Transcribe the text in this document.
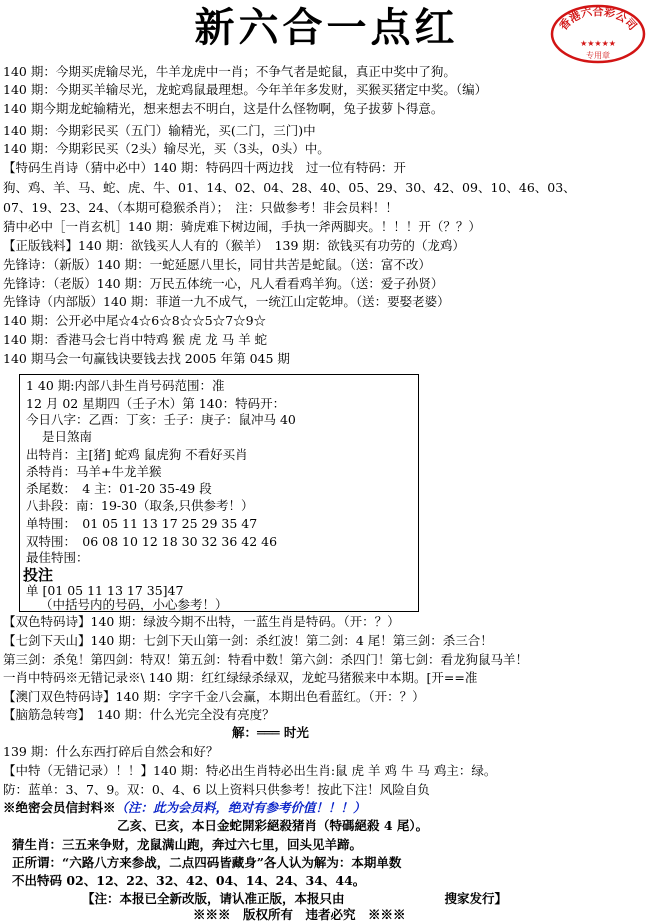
新六合一点红	香港六合彩公司
★★★★★
专用章
140 期：今期买虎输尽光，牛羊龙虎中一肖；不争气者是蛇鼠，真正中奖中了狗。
140 期：今期买羊输尽光，龙蛇鸡鼠最理想。今年羊年多发财，买猴买猪定中奖。（编）
140 期今期龙蛇输精光，想来想去不明白，这是什么怪物啊，兔子拔萝卜得意。
140 期：今期彩民买（五门）输精光，买(二门，三门)中
140 期：今期彩民买（2头）输尽光，买（3头，0头）中。
【特码生肖诗（猜中必中）140 期：特码四十两边找　过一位有特码：开
狗、鸡、羊、马、蛇、虎、牛、01、14、02、04、28、40、05、29、30、42、09、10、46、03、
07、19、23、24、（本期可稳猴杀肖）；　注：只做参考！非会员料！！
猜中必中［一肖玄机］140 期：骑虎难下树边闹，手执一斧两脚夹。！！！开（？？）
【正版钱料】140 期：欲钱买人人有的（猴羊）　139 期：欲钱买有功劳的（龙鸡）
先锋诗：（新版）140 期：一蛇延愿八里长，同甘共苦是蛇鼠。（送：富不改）
先锋诗：（老版）140 期：万民五体统一心，凡人看看鸡羊狗。（送：爱子孙贤）
先锋诗（内部版）140 期：菲道一九不成气，一统江山定乾坤。（送：要娶老婆）
140 期：公开必中尾☆4☆6☆8☆☆5☆7☆9☆
140 期：香港马会七肖中特鸡 猴 虎 龙 马 羊 蛇
140 期马会一句赢钱诀要钱去找 2005 年第 045 期
1 40 期:内部八卦生肖号码范围：准
12 月 02 星期四（壬子木）第 140：特码开：
今日八字：乙酉：丁亥：壬子：庚子：鼠冲马 40
是日煞南
出特肖：主[猪] 蛇鸡 鼠虎狗 不看好买肖
杀特肖：马羊+牛龙羊猴
杀尾数：　4 主：01-20 35-49 段
八卦段：南：19-30（取条,只供参考！）
单特围：　01 05 11 13 17 25 29 35 47
双特围：　06 08 10 12 18 30 32 36 42 46
最佳特围：
投注
单 [01 05 11 13 17 35]47
（中括号内的号码，小心参考！）
【双色特码诗】140 期：绿波今期不出特，一蓝生肖是特码。（开：？）
【七剑下天山】140 期：七剑下天山第一剑：杀红波！第二剑：4 尾！第三剑：杀三合！
第三剑：杀兔！第四剑：特双！第五剑：特看中数！第六剑：杀四门！第七剑：看龙狗鼠马羊！
一肖中特码※无错记录※\ 140 期：红红绿绿杀绿双，龙蛇马猪猴来中本期。[开==准
【澳门双色特码诗】140 期：字字千金八会赢，本期出色看蓝红。（开：？）
【脑筋急转弯】　140 期：什么光完全没有亮度？
解：═══ 时光
139 期：什么东西打碎后自然会和好？
【中特（无错记录）！！】140 期：特必出生肖特必出生肖:鼠 虎 羊 鸡 牛 马 鸡主：绿。
防：蓝单：3、7、9。双：0、4、6 以上资料只供参考！按此下注！风险自负
※绝密会员信封料※（注：此为会员料，绝对有参考价值！！！）
乙亥、已亥，本日金蛇開彩絕殺猪肖（特碼絕殺 4 尾）。
猜生肖：三五来争财，龙鼠满山跑，奔过六七里，回头见羊蹄。
正所谓：“六路八方来参战，二点四码皆藏身”各人认为解为：本期单数
不出特码 02、12、22、32、42、04、14、24、34、44。
【注：本报已全新改版，请认准正版，本报只由　　　　　　　　搜家发行】
※※※　版权所有　违者必究　※※※
